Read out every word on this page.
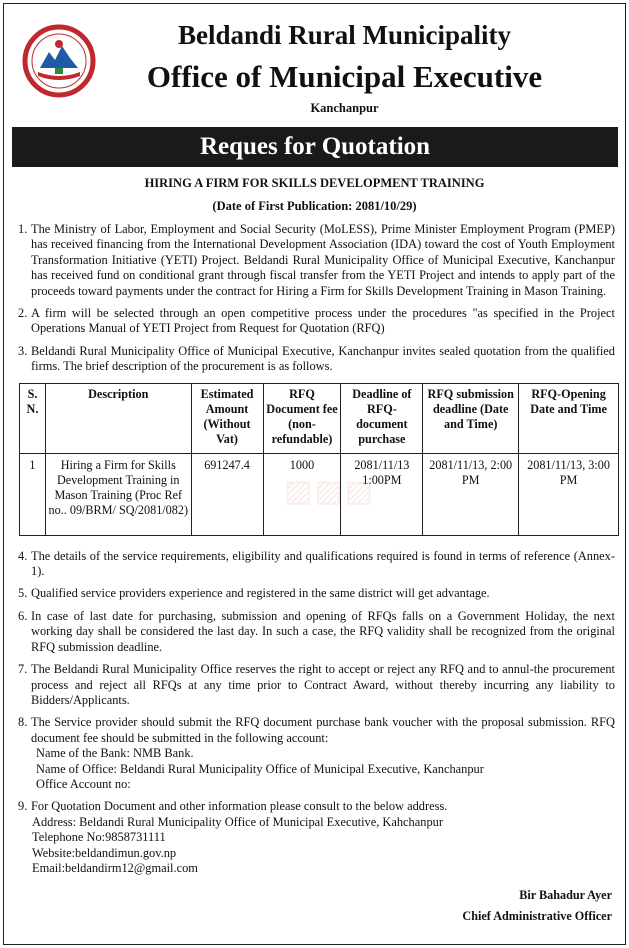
Beldandi Rural Municipality
Office of Municipal Executive
Kanchanpur
Reques for Quotation
HIRING A FIRM FOR SKILLS DEVELOPMENT TRAINING
(Date of First Publication: 2081/10/29)
1. The Ministry of Labor, Employment and Social Security (MoLESS), Prime Minister Employment Program (PMEP) has received financing from the International Development Association (IDA) toward the cost of Youth Employment Transformation Initiative (YETI) Project. Beldandi Rural Municipality Office of Municipal Executive, Kanchanpur has received fund on conditional grant through fiscal transfer from the YETI Project and intends to apply part of the proceeds toward payments under the contract for Hiring a Firm for Skills Development Training in Mason Training.
2. A firm will be selected through an open competitive process under the procedures "as specified in the Project Operations Manual of YETI Project from Request for Quotation (RFQ)
3. Beldandi Rural Municipality Office of Municipal Executive, Kanchanpur invites sealed quotation from the qualified firms. The brief description of the procurement is as follows.
S. N.	Description	Estimated Amount (Without Vat)	RFQ Document fee (non-refundable)	Deadline of RFQ-document purchase	RFQ submission deadline (Date and Time)	RFQ-Opening Date and Time
1	Hiring a Firm for Skills Development Training in Mason Training (Proc Ref no.. 09/BRM/ SQ/2081/082)	691247.4	1000	2081/11/13 1:00PM	2081/11/13, 2:00 PM	2081/11/13, 3:00 PM
4. The details of the service requirements, eligibility and qualifications required is found in terms of reference (Annex-1).
5. Qualified service providers experience and registered in the same district will get advantage.
6. In case of last date for purchasing, submission and opening of RFQs falls on a Government Holiday, the next working day shall be considered the last day. In such a case, the RFQ validity shall be recognized from the original RFQ submission deadline.
7. The Beldandi Rural Municipality Office reserves the right to accept or reject any RFQ and to annul-the procurement process and reject all RFQs at any time prior to Contract Award, without thereby incurring any liability to Bidders/Applicants.
8. The Service provider should submit the RFQ document purchase bank voucher with the proposal submission. RFQ document fee should be submitted in the following account:
Name of the Bank: NMB Bank.
Name of Office: Beldandi Rural Municipality Office of Municipal Executive, Kanchanpur
Office Account no:
9. For Quotation Document and other information please consult to the below address.
Address: Beldandi Rural Municipality Office of Municipal Executive, Kahchanpur
Telephone No:9858731111
Website:beldandimun.gov.np
Email:beldandirm12@gmail.com
Bir Bahadur Ayer
Chief Administrative Officer
▨▨▨
